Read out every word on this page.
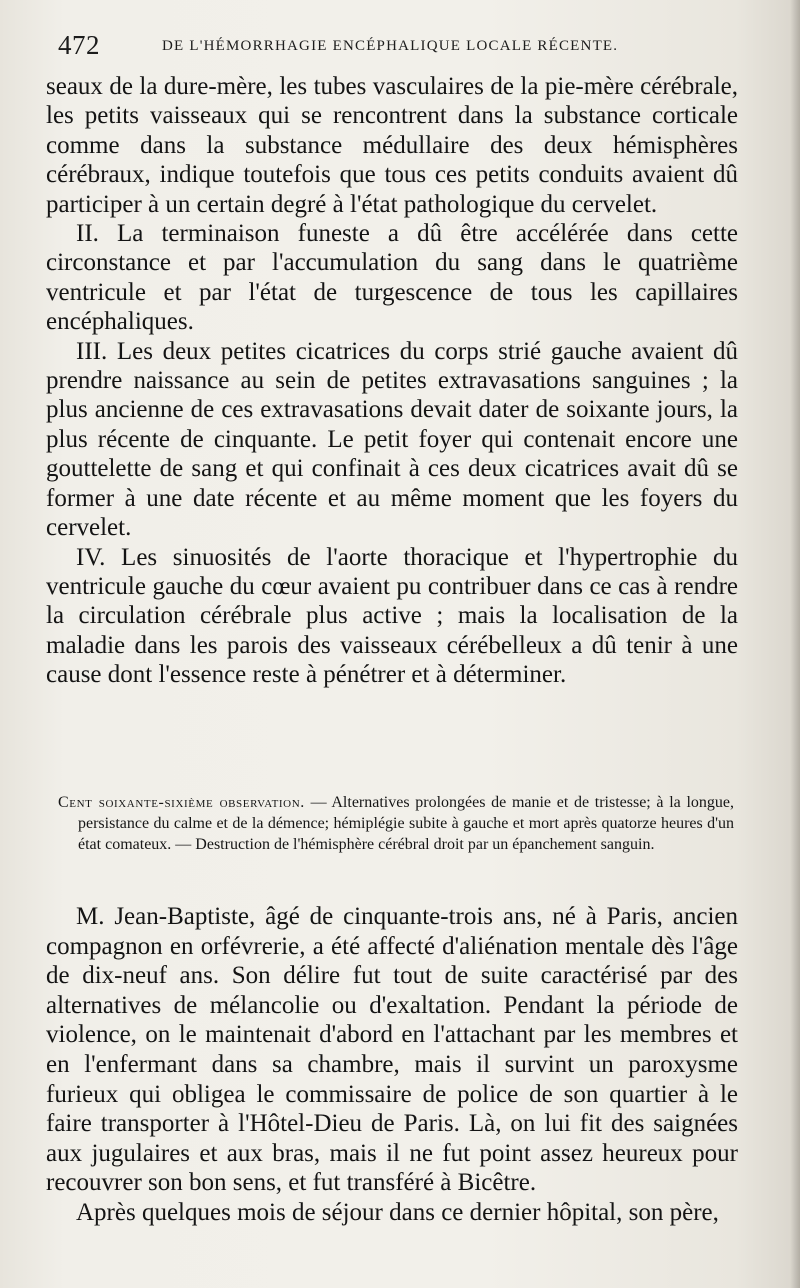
472	DE L'HÉMORRHAGIE ENCÉPHALIQUE LOCALE RÉCENTE.

seaux de la dure-mère, les tubes vasculaires de la pie-mère cérébrale, les petits vaisseaux qui se rencontrent dans la substance corticale comme dans la substance médullaire des deux hémisphères cérébraux, indique toutefois que tous ces petits conduits avaient dû participer à un certain degré à l'état pathologique du cervelet.

II. La terminaison funeste a dû être accélérée dans cette circonstance et par l'accumulation du sang dans le quatrième ventricule et par l'état de turgescence de tous les capillaires encéphaliques.

III. Les deux petites cicatrices du corps strié gauche avaient dû prendre naissance au sein de petites extravasations sanguines ; la plus ancienne de ces extravasations devait dater de soixante jours, la plus récente de cinquante. Le petit foyer qui contenait encore une gouttelette de sang et qui confinait à ces deux cicatrices avait dû se former à une date récente et au même moment que les foyers du cervelet.

IV. Les sinuosités de l'aorte thoracique et l'hypertrophie du ventricule gauche du cœur avaient pu contribuer dans ce cas à rendre la circulation cérébrale plus active ; mais la localisation de la maladie dans les parois des vaisseaux cérébelleux a dû tenir à une cause dont l'essence reste à pénétrer et à déterminer.

Cent soixante-sixième observation. — Alternatives prolongées de manie et de tristesse; à la longue, persistance du calme et de la démence; hémiplégie subite à gauche et mort après quatorze heures d'un état comateux. — Destruction de l'hémisphère cérébral droit par un épanchement sanguin.

M. Jean-Baptiste, âgé de cinquante-trois ans, né à Paris, ancien compagnon en orfévrerie, a été affecté d'aliénation mentale dès l'âge de dix-neuf ans. Son délire fut tout de suite caractérisé par des alternatives de mélancolie ou d'exaltation. Pendant la période de violence, on le maintenait d'abord en l'attachant par les membres et en l'enfermant dans sa chambre, mais il survint un paroxysme furieux qui obligea le commissaire de police de son quartier à le faire transporter à l'Hôtel-Dieu de Paris. Là, on lui fit des saignées aux jugulaires et aux bras, mais il ne fut point assez heureux pour recouvrer son bon sens, et fut transféré à Bicêtre.

Après quelques mois de séjour dans ce dernier hôpital, son père,
